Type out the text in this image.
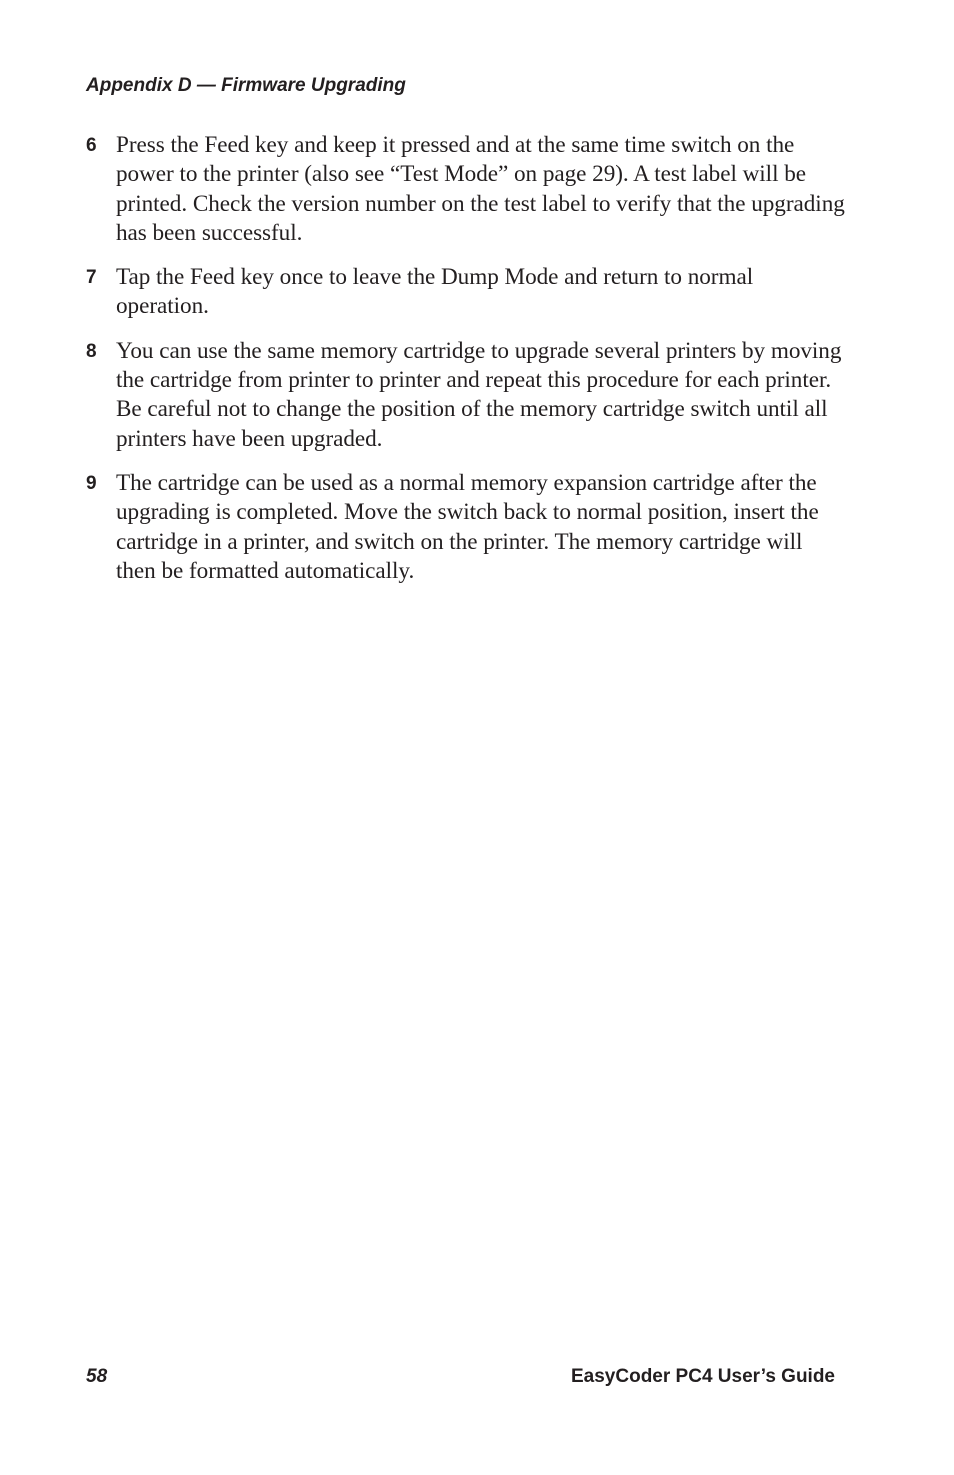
Appendix D — Firmware Upgrading
6 Press the Feed key and keep it pressed and at the same time switch on the power to the printer (also see “Test Mode” on page 29). A test label will be printed. Check the version number on the test label to verify that the upgrading has been successful.
7 Tap the Feed key once to leave the Dump Mode and return to normal operation.
8 You can use the same memory cartridge to upgrade several printers by moving the cartridge from printer to printer and repeat this procedure for each printer. Be careful not to change the position of the memory cartridge switch until all printers have been upgraded.
9 The cartridge can be used as a normal memory expansion cartridge after the upgrading is completed. Move the switch back to normal position, insert the cartridge in a printer, and switch on the printer. The memory cartridge will then be formatted automatically.
58	EasyCoder PC4 User’s Guide
